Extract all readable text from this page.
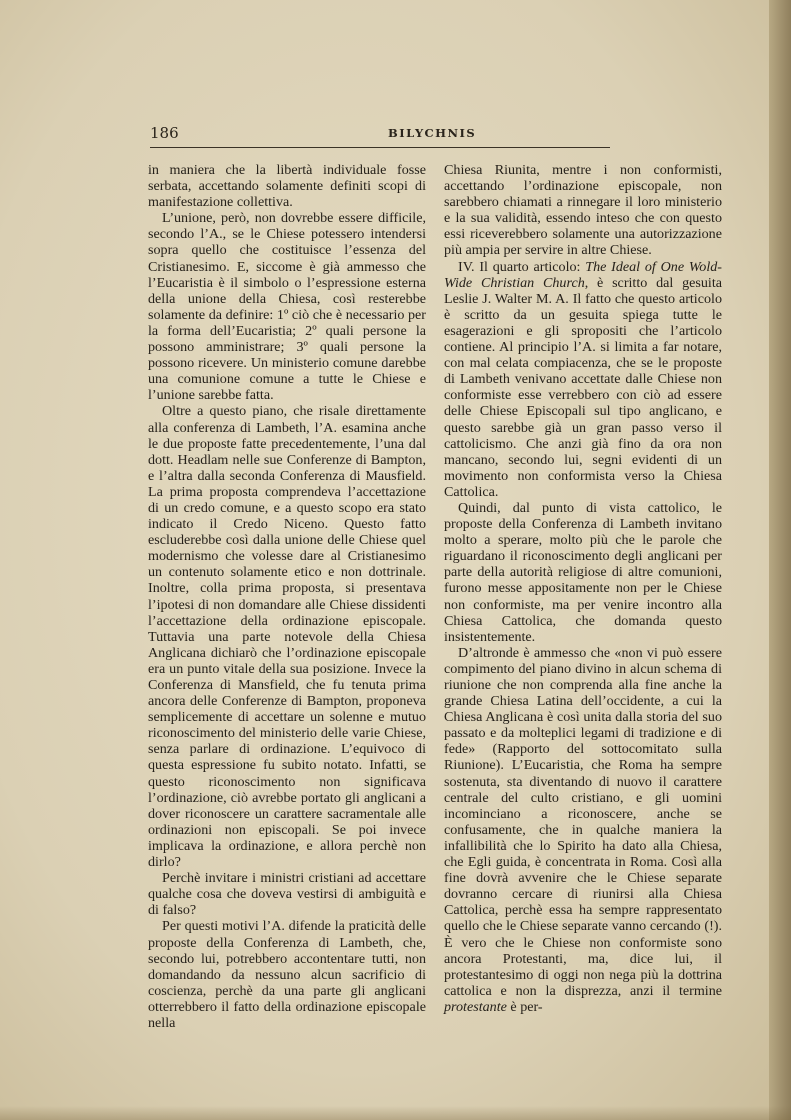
186	BILYCHNIS

in maniera che la libertà individuale fosse serbata, accettando solamente definiti scopi di manifestazione collettiva.

L’unione, però, non dovrebbe essere difficile, secondo l’A., se le Chiese potessero intendersi sopra quello che costituisce l’essenza del Cristianesimo. E, siccome è già ammesso che l’Eucaristia è il simbolo o l’espressione esterna della unione della Chiesa, così resterebbe solamente da definire: 1º ciò che è necessario per la forma dell’Eucaristia; 2º quali persone la possono amministrare; 3º quali persone la possono ricevere. Un ministerio comune darebbe una comunione comune a tutte le Chiese e l’unione sarebbe fatta.

Oltre a questo piano, che risale direttamente alla conferenza di Lambeth, l’A. esamina anche le due proposte fatte precedentemente, l’una dal dott. Headlam nelle sue Conferenze di Bampton, e l’altra dalla seconda Conferenza di Mausfield. La prima proposta comprendeva l’accettazione di un credo comune, e a questo scopo era stato indicato il Credo Niceno. Questo fatto escluderebbe così dalla unione delle Chiese quel modernismo che volesse dare al Cristianesimo un contenuto solamente etico e non dottrinale. Inoltre, colla prima proposta, si presentava l’ipotesi di non domandare alle Chiese dissidenti l’accettazione della ordinazione episcopale. Tuttavia una parte notevole della Chiesa Anglicana dichiarò che l’ordinazione episcopale era un punto vitale della sua posizione. Invece la Conferenza di Mansfield, che fu tenuta prima ancora delle Conferenze di Bampton, proponeva semplicemente di accettare un solenne e mutuo riconoscimento del ministerio delle varie Chiese, senza parlare di ordinazione. L’equivoco di questa espressione fu subito notato. Infatti, se questo riconoscimento non significava l’ordinazione, ciò avrebbe portato gli anglicani a dover riconoscere un carattere sacramentale alle ordinazioni non episcopali. Se poi invece implicava la ordinazione, e allora perchè non dirlo?

Perchè invitare i ministri cristiani ad accettare qualche cosa che doveva vestirsi di ambiguità e di falso?

Per questi motivi l’A. difende la praticità delle proposte della Conferenza di Lambeth, che, secondo lui, potrebbero accontentare tutti, non domandando da nessuno alcun sacrificio di coscienza, perchè da una parte gli anglicani otterrebbero il fatto della ordinazione episcopale nella

Chiesa Riunita, mentre i non conformisti, accettando l’ordinazione episcopale, non sarebbero chiamati a rinnegare il loro ministerio e la sua validità, essendo inteso che con questo essi riceverebbero solamente una autorizzazione più ampia per servire in altre Chiese.

IV. Il quarto articolo: The Ideal of One Wold-Wide Christian Church, è scritto dal gesuita Leslie J. Walter M. A. Il fatto che questo articolo è scritto da un gesuita spiega tutte le esagerazioni e gli spropositi che l’articolo contiene. Al principio l’A. si limita a far notare, con mal celata compiacenza, che se le proposte di Lambeth venivano accettate dalle Chiese non conformiste esse verrebbero con ciò ad essere delle Chiese Episcopali sul tipo anglicano, e questo sarebbe già un gran passo verso il cattolicismo. Che anzi già fino da ora non mancano, secondo lui, segni evidenti di un movimento non conformista verso la Chiesa Cattolica.

Quindi, dal punto di vista cattolico, le proposte della Conferenza di Lambeth invitano molto a sperare, molto più che le parole che riguardano il riconoscimento degli anglicani per parte della autorità religiose di altre comunioni, furono messe appositamente non per le Chiese non conformiste, ma per venire incontro alla Chiesa Cattolica, che domanda questo insistentemente.

D’altronde è ammesso che «non vi può essere compimento del piano divino in alcun schema di riunione che non comprenda alla fine anche la grande Chiesa Latina dell’occidente, a cui la Chiesa Anglicana è così unita dalla storia del suo passato e da molteplici legami di tradizione e di fede» (Rapporto del sottocomitato sulla Riunione). L’Eucaristia, che Roma ha sempre sostenuta, sta diventando di nuovo il carattere centrale del culto cristiano, e gli uomini incominciano a riconoscere, anche se confusamente, che in qualche maniera la infallibilità che lo Spirito ha dato alla Chiesa, che Egli guida, è concentrata in Roma. Così alla fine dovrà avvenire che le Chiese separate dovranno cercare di riunirsi alla Chiesa Cattolica, perchè essa ha sempre rappresentato quello che le Chiese separate vanno cercando (!). È vero che le Chiese non conformiste sono ancora Protestanti, ma, dice lui, il protestantesimo di oggi non nega più la dottrina cattolica e non la disprezza, anzi il termine protestante è per-
